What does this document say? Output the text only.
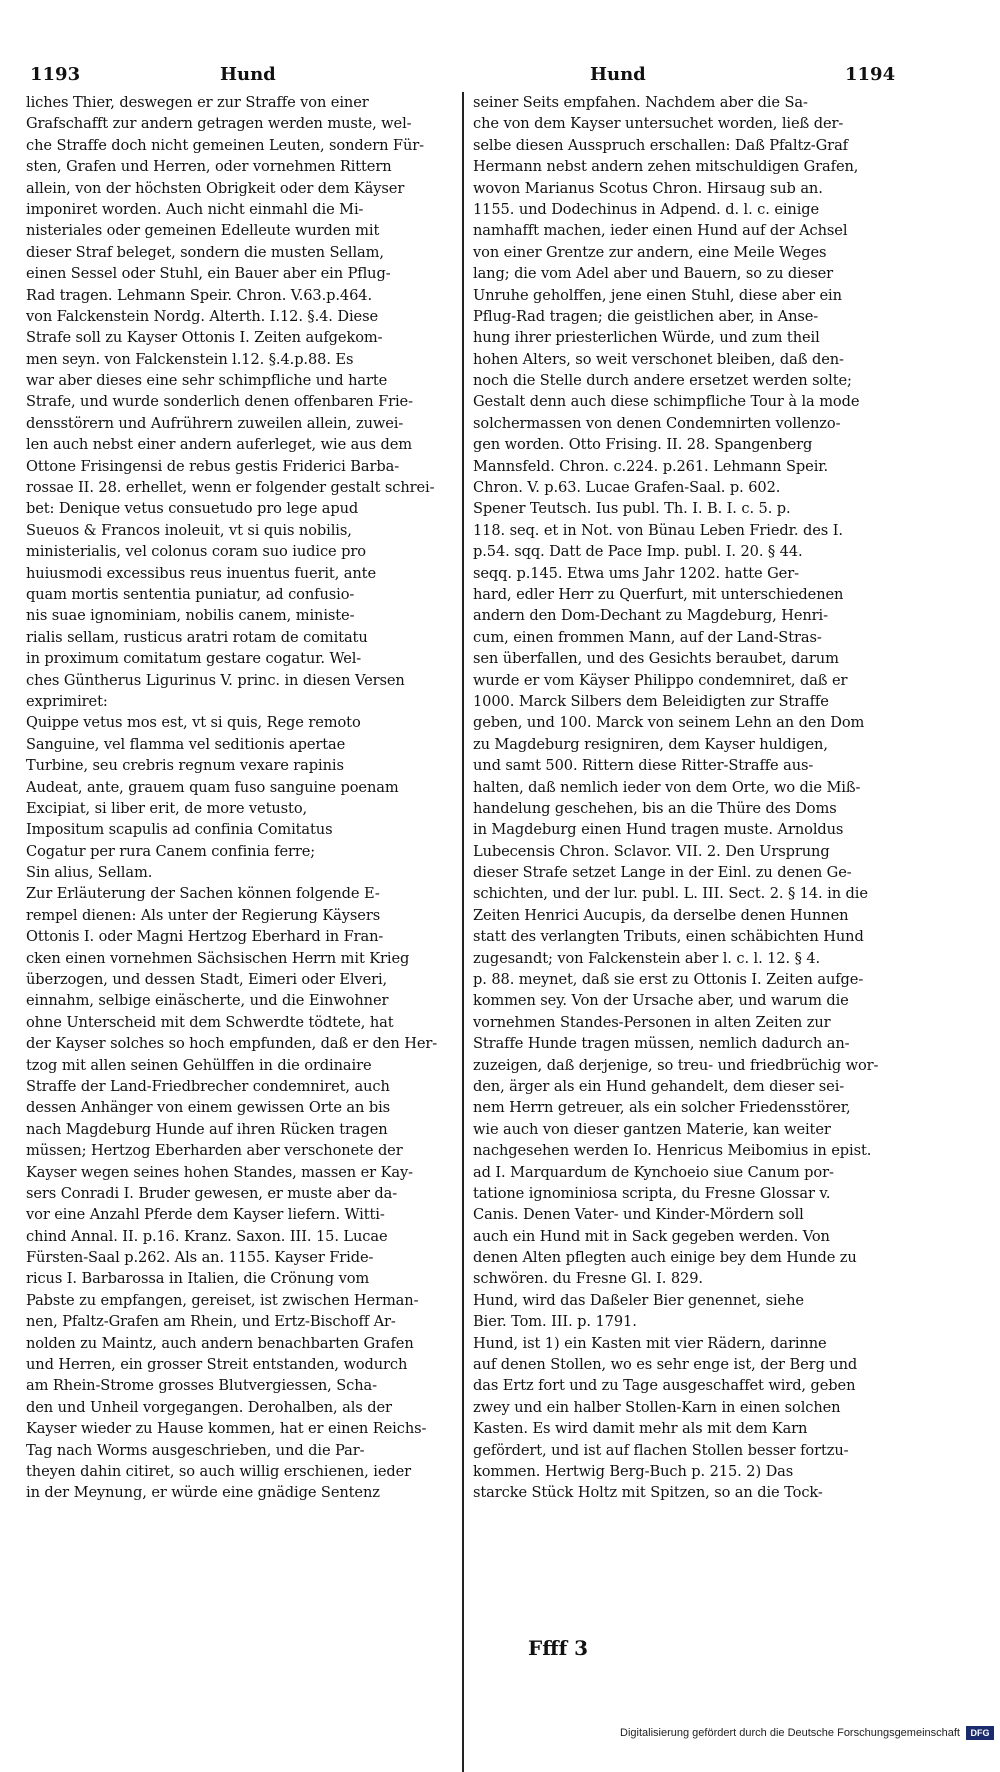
1193	Hund	Hund	1194
liches Thier, deswegen er zur Straffe von einer
Grafschafft zur andern getragen werden muste, wel-
che Straffe doch nicht gemeinen Leuten, sondern Für-
sten, Grafen und Herren, oder vornehmen Rittern
allein, von der höchsten Obrigkeit oder dem Käyser
imponiret worden. Auch nicht einmahl die Mi-
nisteriales oder gemeinen Edelleute wurden mit
dieser Straf beleget, sondern die musten Sellam,
einen Sessel oder Stuhl, ein Bauer aber ein Pflug-
Rad tragen. Lehmann Speir. Chron. V.63.p.464.
von Falckenstein Nordg. Alterth. I.12. §.4. Diese
Strafe soll zu Kayser Ottonis I. Zeiten aufgekom-
men seyn. von Falckenstein l.12. §.4.p.88. Es
war aber dieses eine sehr schimpfliche und harte
Strafe, und wurde sonderlich denen offenbaren Frie-
densstörern und Aufrührern zuweilen allein, zuwei-
len auch nebst einer andern auferleget, wie aus dem
Ottone Frisingensi de rebus gestis Friderici Barba-
rossae II. 28. erhellet, wenn er folgender gestalt schrei-
bet: Denique vetus consuetudo pro lege apud
Sueuos & Francos inoleuit, vt si quis nobilis,
ministerialis, vel colonus coram suo iudice pro
huiusmodi excessibus reus inuentus fuerit, ante
quam mortis sententia puniatur, ad confusio-
nis suae ignominiam, nobilis canem, ministe-
rialis sellam, rusticus aratri rotam de comitatu
in proximum comitatum gestare cogatur. Wel-
ches Güntherus Ligurinus V. princ. in diesen Versen
exprimiret:
Quippe vetus mos est, vt si quis, Rege remoto
Sanguine, vel flamma vel seditionis apertae
Turbine, seu crebris regnum vexare rapinis
Audeat, ante, grauem quam fuso sanguine poenam
Excipiat, si liber erit, de more vetusto,
Impositum scapulis ad confinia Comitatus
Cogatur per rura Canem confinia ferre;
Sin alius, Sellam.
Zur Erläuterung der Sachen können folgende E-
rempel dienen: Als unter der Regierung Käysers
Ottonis I. oder Magni Hertzog Eberhard in Fran-
cken einen vornehmen Sächsischen Herrn mit Krieg
überzogen, und dessen Stadt, Eimeri oder Elveri,
einnahm, selbige einäscherte, und die Einwohner
ohne Unterscheid mit dem Schwerdte tödtete, hat
der Kayser solches so hoch empfunden, daß er den Her-
tzog mit allen seinen Gehülffen in die ordinaire
Straffe der Land-Friedbrecher condemniret, auch
dessen Anhänger von einem gewissen Orte an bis
nach Magdeburg Hunde auf ihren Rücken tragen
müssen; Hertzog Eberharden aber verschonete der
Kayser wegen seines hohen Standes, massen er Kay-
sers Conradi I. Bruder gewesen, er muste aber da-
vor eine Anzahl Pferde dem Kayser liefern. Witti-
chind Annal. II. p.16. Kranz. Saxon. III. 15. Lucae
Fürsten-Saal p.262. Als an. 1155. Kayser Fride-
ricus I. Barbarossa in Italien, die Crönung vom
Pabste zu empfangen, gereiset, ist zwischen Herman-
nen, Pfaltz-Grafen am Rhein, und Ertz-Bischoff Ar-
nolden zu Maintz, auch andern benachbarten Grafen
und Herren, ein grosser Streit entstanden, wodurch
am Rhein-Strome grosses Blutvergiessen, Scha-
den und Unheil vorgegangen. Derohalben, als der
Kayser wieder zu Hause kommen, hat er einen Reichs-
Tag nach Worms ausgeschrieben, und die Par-
theyen dahin citiret, so auch willig erschienen, ieder
in der Meynung, er würde eine gnädige Sentenz
seiner Seits empfahen. Nachdem aber die Sa-
che von dem Kayser untersuchet worden, ließ der-
selbe diesen Ausspruch erschallen: Daß Pfaltz-Graf
Hermann nebst andern zehen mitschuldigen Grafen,
wovon Marianus Scotus Chron. Hirsaug sub an.
1155. und Dodechinus in Adpend. d. l. c. einige
namhafft machen, ieder einen Hund auf der Achsel
von einer Grentze zur andern, eine Meile Weges
lang; die vom Adel aber und Bauern, so zu dieser
Unruhe geholffen, jene einen Stuhl, diese aber ein
Pflug-Rad tragen; die geistlichen aber, in Anse-
hung ihrer priesterlichen Würde, und zum theil
hohen Alters, so weit verschonet bleiben, daß den-
noch die Stelle durch andere ersetzet werden solte;
Gestalt denn auch diese schimpfliche Tour à la mode
solchermassen von denen Condemnirten vollenzo-
gen worden. Otto Frising. II. 28. Spangenberg
Mannsfeld. Chron. c.224. p.261. Lehmann Speir.
Chron. V. p.63. Lucae Grafen-Saal. p. 602.
Spener Teutsch. Ius publ. Th. I. B. I. c. 5. p.
118. seq. et in Not. von Bünau Leben Friedr. des I.
p.54. sqq. Datt de Pace Imp. publ. I. 20. § 44.
seqq. p.145. Etwa ums Jahr 1202. hatte Ger-
hard, edler Herr zu Querfurt, mit unterschiedenen
andern den Dom-Dechant zu Magdeburg, Henri-
cum, einen frommen Mann, auf der Land-Stras-
sen überfallen, und des Gesichts beraubet, darum
wurde er vom Käyser Philippo condemniret, daß er
1000. Marck Silbers dem Beleidigten zur Straffe
geben, und 100. Marck von seinem Lehn an den Dom
zu Magdeburg resigniren, dem Kayser huldigen,
und samt 500. Rittern diese Ritter-Straffe aus-
halten, daß nemlich ieder von dem Orte, wo die Miß-
handelung geschehen, bis an die Thüre des Doms
in Magdeburg einen Hund tragen muste. Arnoldus
Lubecensis Chron. Sclavor. VII. 2. Den Ursprung
dieser Strafe setzet Lange in der Einl. zu denen Ge-
schichten, und der lur. publ. L. III. Sect. 2. § 14. in die
Zeiten Henrici Aucupis, da derselbe denen Hunnen
statt des verlangten Tributs, einen schäbichten Hund
zugesandt; von Falckenstein aber l. c. l. 12. § 4.
p. 88. meynet, daß sie erst zu Ottonis I. Zeiten aufge-
kommen sey. Von der Ursache aber, und warum die
vornehmen Standes-Personen in alten Zeiten zur
Straffe Hunde tragen müssen, nemlich dadurch an-
zuzeigen, daß derjenige, so treu- und friedbrüchig wor-
den, ärger als ein Hund gehandelt, dem dieser sei-
nem Herrn getreuer, als ein solcher Friedensstörer,
wie auch von dieser gantzen Materie, kan weiter
nachgesehen werden Io. Henricus Meibomius in epist.
ad I. Marquardum de Kynchoeio siue Canum por-
tatione ignominiosa scripta, du Fresne Glossar v.
Canis. Denen Vater- und Kinder-Mördern soll
auch ein Hund mit in Sack gegeben werden. Von
denen Alten pflegten auch einige bey dem Hunde zu
schwören. du Fresne Gl. I. 829.
Hund, wird das Daßeler Bier genennet, siehe
Bier. Tom. III. p. 1791.
Hund, ist 1) ein Kasten mit vier Rädern, darinne
auf denen Stollen, wo es sehr enge ist, der Berg und
das Ertz fort und zu Tage ausgeschaffet wird, geben
zwey und ein halber Stollen-Karn in einen solchen
Kasten. Es wird damit mehr als mit dem Karn
gefördert, und ist auf flachen Stollen besser fortzu-
kommen. Hertwig Berg-Buch p. 215. 2) Das
starcke Stück Holtz mit Spitzen, so an die Tock-
Ffff 3
Digitalisierung gefördert durch die Deutsche Forschungsgemeinschaft	DFG
